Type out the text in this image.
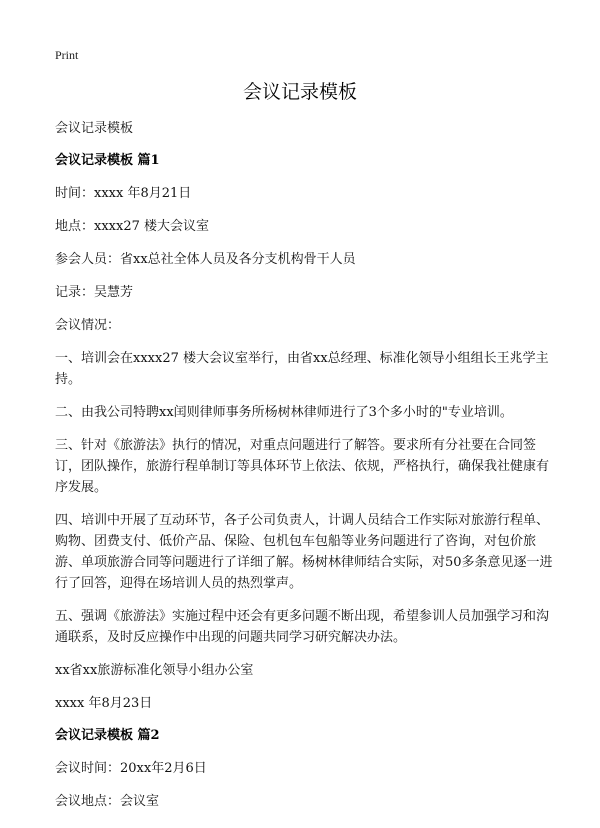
Print
会议记录模板
会议记录模板
会议记录模板 篇1
时间：xxxx 年8月21日
地点：xxxx27 楼大会议室
参会人员：省xx总社全体人员及各分支机构骨干人员
记录：吴慧芳
会议情况：
一、培训会在xxxx27 楼大会议室举行，由省xx总经理、标准化领导小组组长王兆学主持。
二、由我公司特聘xx闰则律师事务所杨树林律师进行了3个多小时的"专业培训。
三、针对《旅游法》执行的情况，对重点问题进行了解答。要求所有分社要在合同签订，团队操作，旅游行程单制订等具体环节上依法、依规，严格执行，确保我社健康有序发展。
四、培训中开展了互动环节，各子公司负责人，计调人员结合工作实际对旅游行程单、购物、团费支付、低价产品、保险、包机包车包船等业务问题进行了咨询，对包价旅游、单项旅游合同等问题进行了详细了解。杨树林律师结合实际，对50多条意见逐一进行了回答，迎得在场培训人员的热烈掌声。
五、强调《旅游法》实施过程中还会有更多问题不断出现，希望参训人员加强学习和沟通联系，及时反应操作中出现的问题共同学习研究解决办法。
xx省xx旅游标准化领导小组办公室
xxxx 年8月23日
会议记录模板 篇2
会议时间：20xx年2月6日
会议地点：会议室
